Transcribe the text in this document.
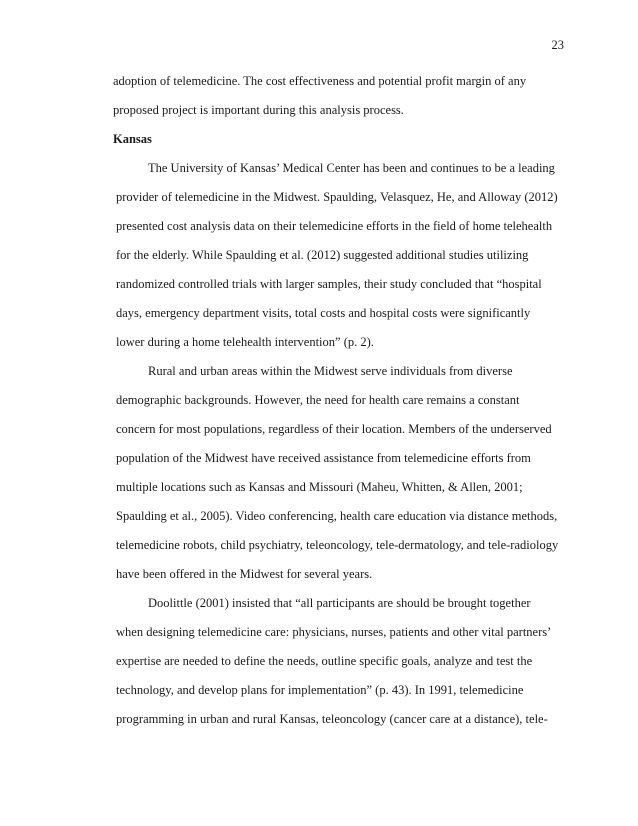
23

adoption of telemedicine. The cost effectiveness and potential profit margin of any
proposed project is important during this analysis process.

Kansas

The University of Kansas’ Medical Center has been and continues to be a leading
provider of telemedicine in the Midwest. Spaulding, Velasquez, He, and Alloway (2012)
presented cost analysis data on their telemedicine efforts in the field of home telehealth
for the elderly. While Spaulding et al. (2012) suggested additional studies utilizing
randomized controlled trials with larger samples, their study concluded that “hospital
days, emergency department visits, total costs and hospital costs were significantly
lower during a home telehealth intervention” (p. 2).

Rural and urban areas within the Midwest serve individuals from diverse
demographic backgrounds. However, the need for health care remains a constant
concern for most populations, regardless of their location. Members of the underserved
population of the Midwest have received assistance from telemedicine efforts from
multiple locations such as Kansas and Missouri (Maheu, Whitten, & Allen, 2001;
Spaulding et al., 2005). Video conferencing, health care education via distance methods,
telemedicine robots, child psychiatry, teleoncology, tele-dermatology, and tele-radiology
have been offered in the Midwest for several years.

Doolittle (2001) insisted that “all participants are should be brought together
when designing telemedicine care: physicians, nurses, patients and other vital partners’
expertise are needed to define the needs, outline specific goals, analyze and test the
technology, and develop plans for implementation” (p. 43). In 1991, telemedicine
programming in urban and rural Kansas, teleoncology (cancer care at a distance), tele-
